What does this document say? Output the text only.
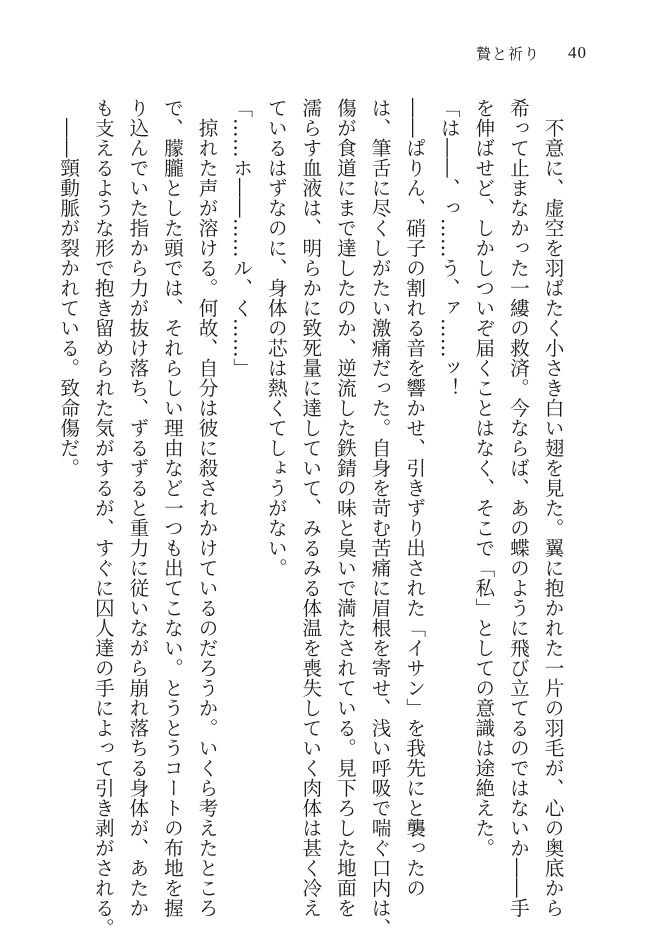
贄と祈り 40

不意に、虚空を羽ばたく小さき白い翅を見た。翼に抱かれた一片の羽毛が、心の奥底から

希って止まなかった一縷の救済。今ならば、あの蝶のように飛び立てるのではないか――手

を伸ばせど、しかしついぞ届くことはなく、そこで「私」としての意識は途絶えた。

「は――、っ……う、ァ……ッ！

――ぱりん、硝子の割れる音を響かせ、引きずり出された「イサン」を我先にと襲ったの

は、筆舌に尽くしがたい激痛だった。自身を苛む苦痛に眉根を寄せ、浅い呼吸で喘ぐ口内は、

傷が食道にまで達したのか、逆流した鉄錆の味と臭いで満たされている。見下ろした地面を

濡らす血液は、明らかに致死量に達していて、みるみる体温を喪失していく肉体は甚く冷え

ているはずなのに、身体の芯は熱くてしょうがない。

「……ホ――……ル、く……」

掠れた声が溶ける。何故、自分は彼に殺されかけているのだろうか。いくら考えたところ

で、朦朧とした頭では、それらしい理由など一つも出てこない。とうとうコートの布地を握

り込んでいた指から力が抜け落ち、ずるずると重力に従いながら崩れ落ちる身体が、あたか

も支えるような形で抱き留められた気がするが、すぐに囚人達の手によって引き剥がされる。

――頸動脈が裂かれている。致命傷だ。
